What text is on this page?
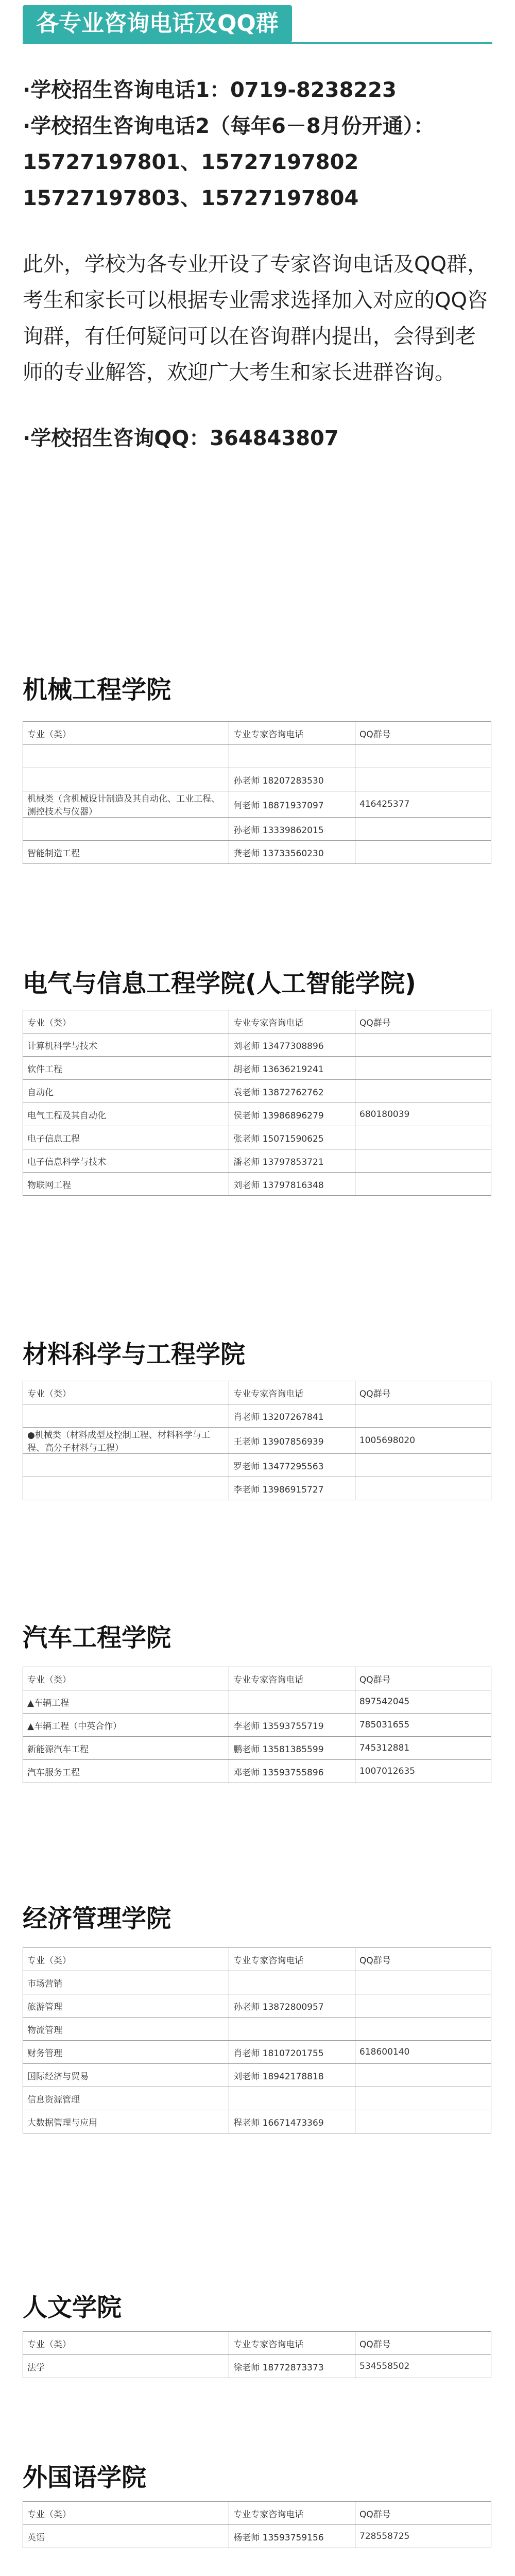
各专业咨询电话及QQ群

·学校招生咨询电话1：0719-8238223

·学校招生咨询电话2（每年6－8月份开通）：

15727197801、15727197802

15727197803、15727197804

此外，学校为各专业开设了专家咨询电话及QQ群，考生和家长可以根据专业需求选择加入对应的QQ咨询群，有任何疑问可以在咨询群内提出，会得到老师的专业解答，欢迎广大考生和家长进群咨询。

·学校招生咨询QQ：364843807

机械工程学院
专业（类）	专业专家咨询电话	QQ群号

	孙老师 18207283530	
机械类（含机械设计制造及其自动化、工业工程、测控技术与仪器）	何老师 18871937097	416425377
	孙老师 13339862015	
智能制造工程	龚老师 13733560230	
电气与信息工程学院(人工智能学院)
专业（类）	专业专家咨询电话	QQ群号
计算机科学与技术	刘老师 13477308896	
软件工程	胡老师 13636219241	
自动化	袁老师 13872762762	
电气工程及其自动化	侯老师 13986896279	680180039
电子信息工程	张老师 15071590625	
电子信息科学与技术	潘老师 13797853721	
物联网工程	刘老师 13797816348	
材料科学与工程学院
专业（类）	专业专家咨询电话	QQ群号
	肖老师 13207267841	
●机械类（材料成型及控制工程、材料科学与工程、高分子材料与工程）	王老师 13907856939	1005698020
	罗老师 13477295563	
	李老师 13986915727	
汽车工程学院
专业（类）	专业专家咨询电话	QQ群号
▲车辆工程		897542045
▲车辆工程（中英合作）	李老师 13593755719	785031655
新能源汽车工程	鹏老师 13581385599	745312881
汽车服务工程	邓老师 13593755896	1007012635
经济管理学院
专业（类）	专业专家咨询电话	QQ群号
市场营销		
旅游管理	孙老师 13872800957	
物流管理		
财务管理	肖老师 18107201755	618600140
国际经济与贸易	刘老师 18942178818	
信息资源管理		
大数据管理与应用	程老师 16671473369	
人文学院
专业（类）	专业专家咨询电话	QQ群号
法学	徐老师 18772873373	534558502
外国语学院
专业（类）	专业专家咨询电话	QQ群号
英语	杨老师 13593759156	728558725
